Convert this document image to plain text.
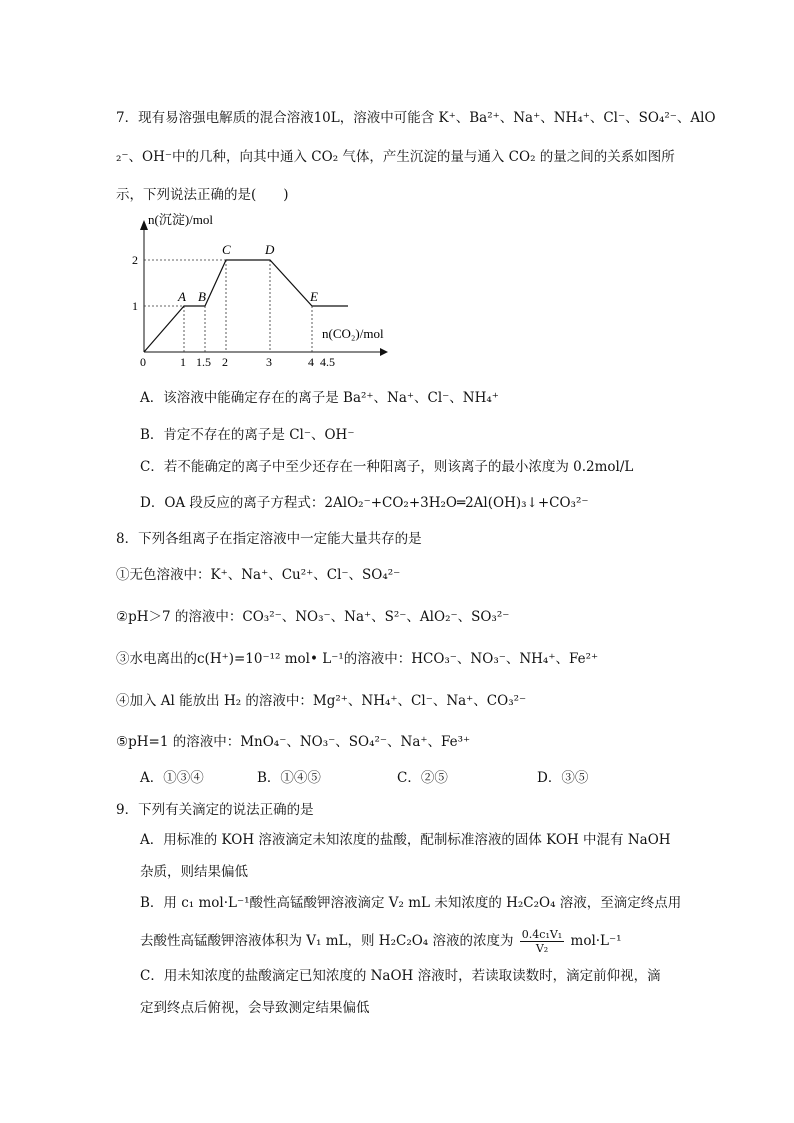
7．现有易溶强电解质的混合溶液10L，溶液中可能含 K⁺、Ba²⁺、Na⁺、NH₄⁺、Cl⁻、SO₄²⁻、AlO
₂⁻、OH⁻中的几种，向其中通入 CO₂ 气体，产生沉淀的量与通入 CO₂ 的量之间的关系如图所
示，下列说法正确的是(　　)
n(沉淀)/mol
n(CO₂)/mol
1
2
0	1 1.5 2	3	4 4.5
A B
C	D
E
A．该溶液中能确定存在的离子是 Ba²⁺、Na⁺、Cl⁻、NH₄⁺
B．肯定不存在的离子是 Cl⁻、OH⁻
C．若不能确定的离子中至少还存在一种阳离子，则该离子的最小浓度为 0.2mol/L
D．OA 段反应的离子方程式：2AlO₂⁻+CO₂+3H₂O═2Al(OH)₃↓+CO₃²⁻
8．下列各组离子在指定溶液中一定能大量共存的是
①无色溶液中：K⁺、Na⁺、Cu²⁺、Cl⁻、SO₄²⁻
②pH＞7 的溶液中：CO₃²⁻、NO₃⁻、Na⁺、S²⁻、AlO₂⁻、SO₃²⁻
③水电离出的c(H⁺)=10⁻¹² mol• L⁻¹的溶液中：HCO₃⁻、NO₃⁻、NH₄⁺、Fe²⁺
④加入 Al 能放出 H₂ 的溶液中：Mg²⁺、NH₄⁺、Cl⁻、Na⁺、CO₃²⁻
⑤pH=1 的溶液中：MnO₄⁻、NO₃⁻、SO₄²⁻、Na⁺、Fe³⁺
A．①③④	B．①④⑤	C．②⑤	D．③⑤
9．下列有关滴定的说法正确的是
A．用标准的 KOH 溶液滴定未知浓度的盐酸，配制标准溶液的固体 KOH 中混有 NaOH
杂质，则结果偏低
B．用 c₁ mol·L⁻¹酸性高锰酸钾溶液滴定 V₂ mL 未知浓度的 H₂C₂O₄ 溶液，至滴定终点用
去酸性高锰酸钾溶液体积为 V₁ mL，则 H₂C₂O₄ 溶液的浓度为 $\frac{\text{0.4c₁V₁}}{\text{V₂}} mol\cdot L^{-1}$
C．用未知浓度的盐酸滴定已知浓度的 NaOH 溶液时，若读取读数时，滴定前仰视，滴
定到终点后俯视，会导致测定结果偏低
